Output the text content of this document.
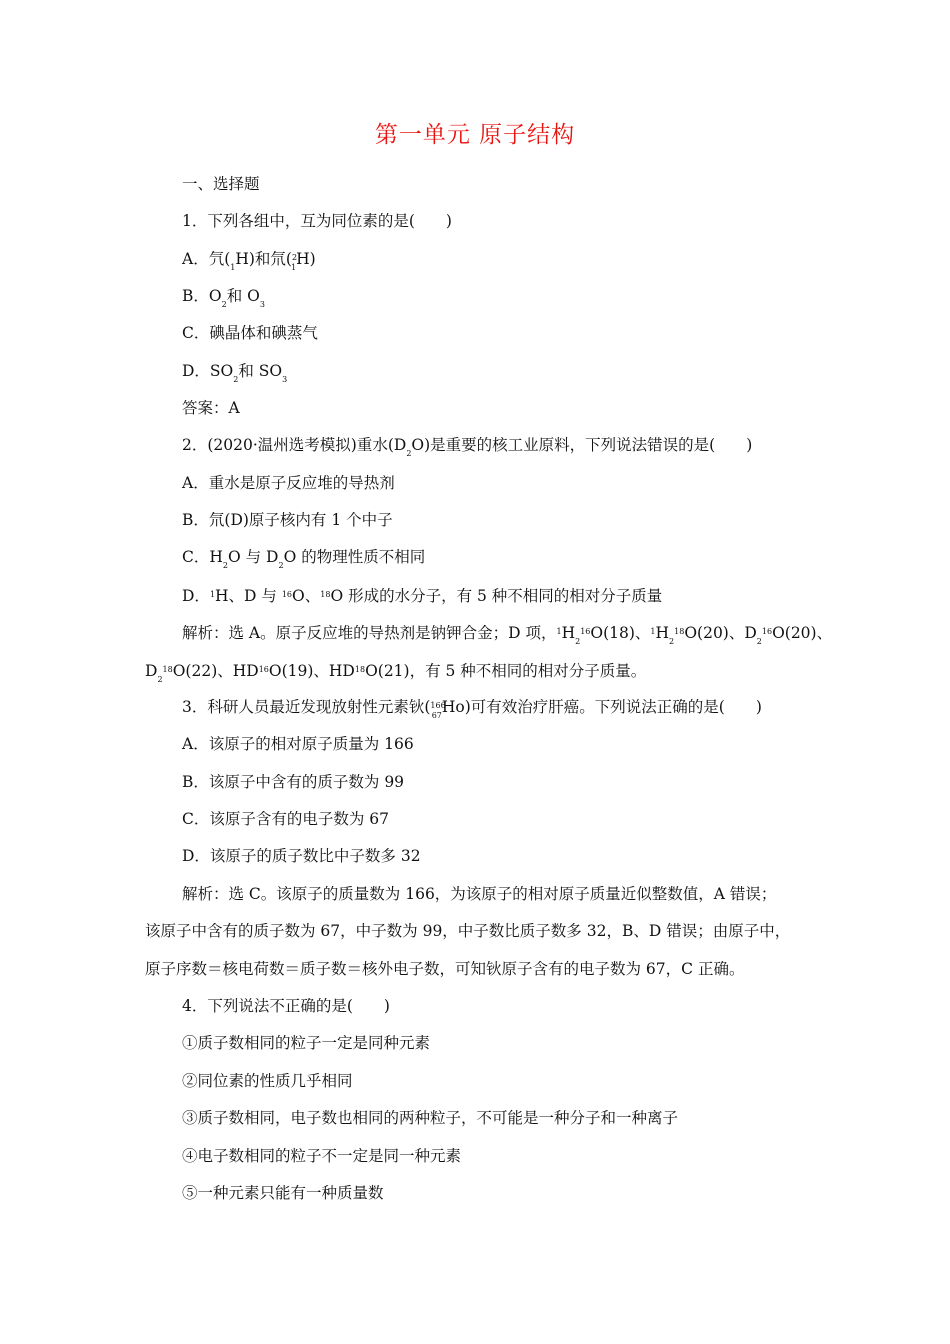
第一单元 原子结构
一、选择题
1．下列各组中，互为同位素的是(　　)
A．氕$(_1H)$和氘($^2_1$H)
B．$O_2$和 $O_3$
C．碘晶体和碘蒸气
D．$SO_2$和 $SO_3$
答案：A
2．(2020·温州选考模拟)重水$(D_2O)$是重要的核工业原料，下列说法错误的是(　　)
A．重水是原子反应堆的导热剂
B．氘(D)原子核内有 1 个中子
C．$H_2O$ 与 $D_2O$ 的物理性质不相同
D．$^1$H、D 与 $^{16}$O、$^{18}$O 形成的水分子，有 5 种不相同的相对分子质量
解析：选 A。原子反应堆的导热剂是钠钾合金；D 项，$^1H_2^{16}O(18)$、$^1H_2^{18}O(20)$、$D_2^{16}O(20)$、
$D_2^{18}O(22)$、HD$^{16}$O(19)、HD$^{18}$O(21)，有 5 种不相同的相对分子质量。
3．科研人员最近发现放射性元素钬($^{166}_{67}$Ho)可有效治疗肝癌。下列说法正确的是(　　)
A．该原子的相对原子质量为 166
B．该原子中含有的质子数为 99
C．该原子含有的电子数为 67
D．该原子的质子数比中子数多 32
解析：选 C。该原子的质量数为 166，为该原子的相对原子质量近似整数值，A 错误；
该原子中含有的质子数为 67，中子数为 99，中子数比质子数多 32，B、D 错误；由原子中，
原子序数＝核电荷数＝质子数＝核外电子数，可知钬原子含有的电子数为 67，C 正确。
4．下列说法不正确的是(　　)
①质子数相同的粒子一定是同种元素
②同位素的性质几乎相同
③质子数相同，电子数也相同的两种粒子，不可能是一种分子和一种离子
④电子数相同的粒子不一定是同一种元素
⑤一种元素只能有一种质量数
